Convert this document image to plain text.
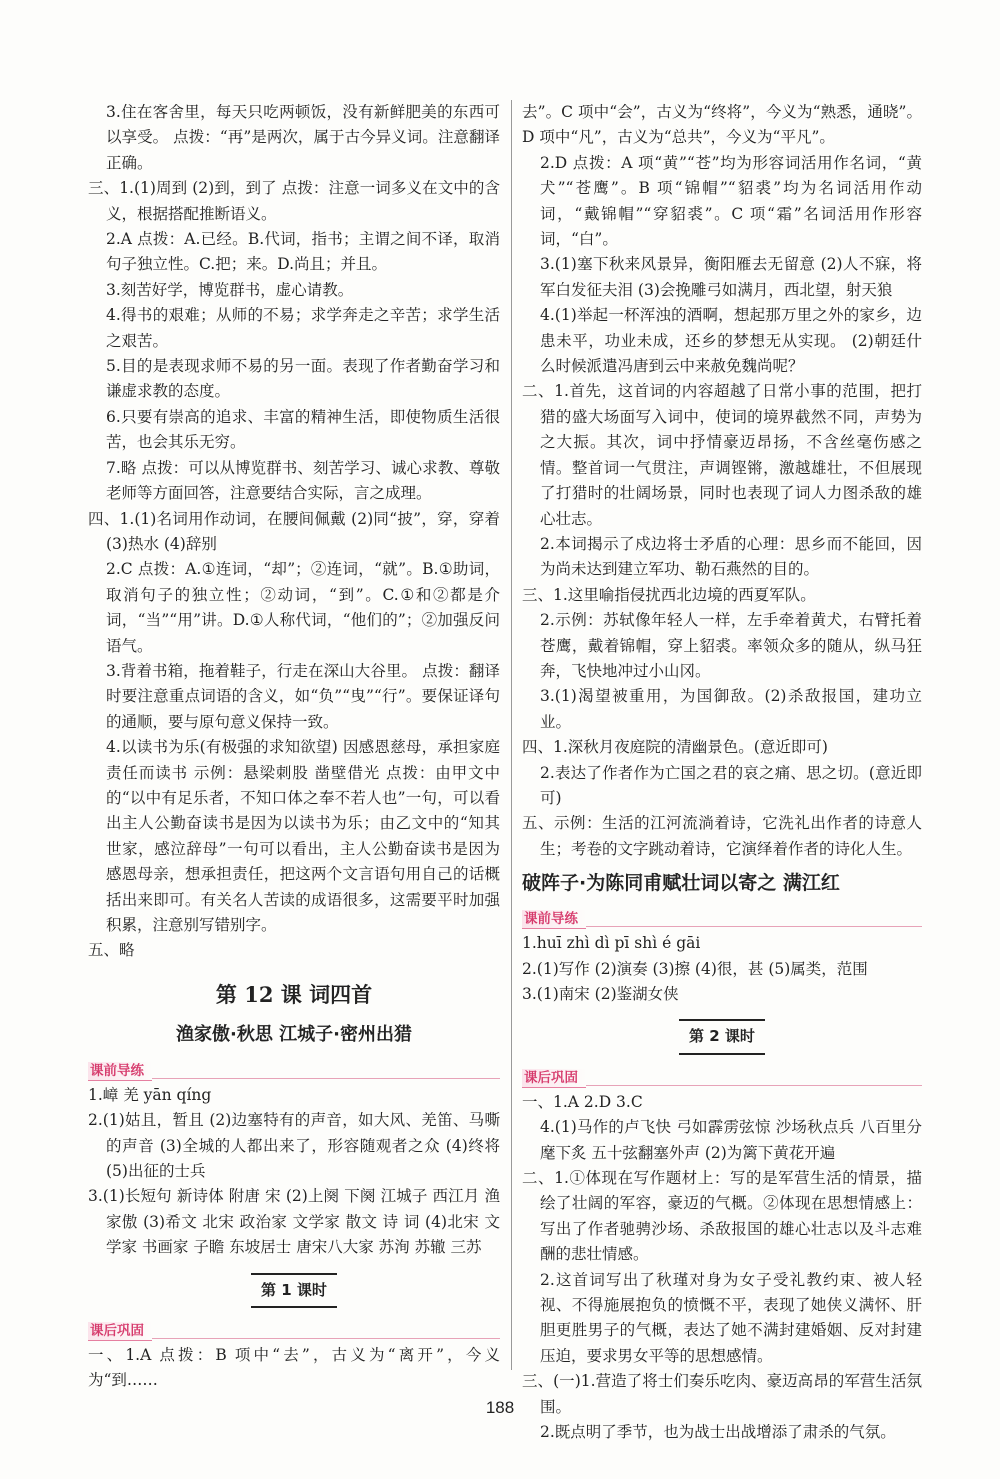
3.住在客舍里，每天只吃两顿饭，没有新鲜肥美的东西可以享受。 点拨：“再”是两次，属于古今异义词。注意翻译正确。

三、1.(1)周到 (2)到，到了 点拨：注意一词多义在文中的含义，根据搭配推断语义。

2.A 点拨：A.已经。B.代词，指书；主谓之间不译，取消句子独立性。C.把；来。D.尚且；并且。

3.刻苦好学，博览群书，虚心请教。

4.得书的艰难；从师的不易；求学奔走之辛苦；求学生活之艰苦。

5.目的是表现求师不易的另一面。表现了作者勤奋学习和谦虚求教的态度。

6.只要有崇高的追求、丰富的精神生活，即使物质生活很苦，也会其乐无穷。

7.略 点拨：可以从博览群书、刻苦学习、诚心求教、尊敬老师等方面回答，注意要结合实际，言之成理。

四、1.(1)名词用作动词，在腰间佩戴 (2)同“披”，穿，穿着 (3)热水 (4)辞别

2.C 点拨：A.①连词，“却”；②连词，“就”。B.①助词，取消句子的独立性；②动词，“到”。C.①和②都是介词，“当”“用”讲。D.①人称代词，“他们的”；②加强反问语气。

3.背着书箱，拖着鞋子，行走在深山大谷里。 点拨：翻译时要注意重点词语的含义，如“负”“曳”“行”。要保证译句的通顺，要与原句意义保持一致。

4.以读书为乐(有极强的求知欲望) 因感恩慈母，承担家庭责任而读书 示例：悬梁刺股 凿壁借光 点拨：由甲文中的“以中有足乐者，不知口体之奉不若人也”一句，可以看出主人公勤奋读书是因为以读书为乐；由乙文中的“知其世家，感泣辞母”一句可以看出，主人公勤奋读书是因为感恩母亲，想承担责任，把这两个文言语句用自己的话概括出来即可。有关名人苦读的成语很多，这需要平时加强积累，注意别写错别字。

五、略

第 12 课 词四首
渔家傲·秋思 江城子·密州出猎
课前导练

1.嶂 羌 yān qíng

2.(1)姑且，暂且 (2)边塞特有的声音，如大风、羌笛、马嘶的声音 (3)全城的人都出来了，形容随观者之众 (4)终将 (5)出征的士兵

3.(1)长短句 新诗体 附唐 宋 (2)上阕 下阕 江城子 西江月 渔家傲 (3)希文 北宋 政治家 文学家 散文 诗 词 (4)北宋 文学家 书画家 子瞻 东坡居士 唐宋八大家 苏洵 苏辙 三苏

第 1 课时
课后巩固

一、1.A 点拨：B 项中“去”，古义为“离开”，今义为“到……

去”。C 项中“会”，古义为“终将”，今义为“熟悉，通晓”。D 项中“凡”，古义为“总共”，今义为“平凡”。

2.D 点拨：A 项“黄”“苍”均为形容词活用作名词，“黄犬”“苍鹰”。B 项“锦帽”“貂裘”均为名词活用作动词，“戴锦帽”“穿貂裘”。C 项“霜”名词活用作形容词，“白”。

3.(1)塞下秋来风景异，衡阳雁去无留意 (2)人不寐，将军白发征夫泪 (3)会挽雕弓如满月，西北望，射天狼

4.(1)举起一杯浑浊的酒啊，想起那万里之外的家乡，边患未平，功业未成，还乡的梦想无从实现。 (2)朝廷什么时候派遣冯唐到云中来赦免魏尚呢？

二、1.首先，这首词的内容超越了日常小事的范围，把打猎的盛大场面写入词中，使词的境界截然不同，声势为之大振。其次，词中抒情豪迈昂扬，不含丝毫伤感之情。整首词一气贯注，声调铿锵，激越雄壮，不但展现了打猎时的壮阔场景，同时也表现了词人力图杀敌的雄心壮志。

2.本词揭示了戍边将士矛盾的心理：思乡而不能回，因为尚未达到建立军功、勒石燕然的目的。

三、1.这里喻指侵扰西北边境的西夏军队。

2.示例：苏轼像年轻人一样，左手牵着黄犬，右臂托着苍鹰，戴着锦帽，穿上貂裘。率领众多的随从，纵马狂奔，飞快地冲过小山冈。

3.(1)渴望被重用，为国御敌。(2)杀敌报国，建功立业。

四、1.深秋月夜庭院的清幽景色。(意近即可)

2.表达了作者作为亡国之君的哀之痛、思之切。(意近即可)

五、示例：生活的江河流淌着诗，它洗礼出作者的诗意人生；考卷的文字跳动着诗，它演绎着作者的诗化人生。

破阵子·为陈同甫赋壮词以寄之 满江红
课前导练

1.huī zhì dì pī shì é gāi

2.(1)写作 (2)演奏 (3)擦 (4)很，甚 (5)属类，范围

3.(1)南宋 (2)鉴湖女侠

第 2 课时
课后巩固

一、1.A 2.D 3.C

4.(1)马作的卢飞快 弓如霹雳弦惊 沙场秋点兵 八百里分麾下炙 五十弦翻塞外声 (2)为篱下黄花开遍

二、1.①体现在写作题材上：写的是军营生活的情景，描绘了壮阔的军容，豪迈的气概。②体现在思想情感上：写出了作者驰骋沙场、杀敌报国的雄心壮志以及斗志难酬的悲壮情感。

2.这首词写出了秋瑾对身为女子受礼教约束、被人轻视、不得施展抱负的愤慨不平，表现了她侠义满怀、肝胆更胜男子的气概，表达了她不满封建婚姻、反对封建压迫，要求男女平等的思想感情。

三、(一)1.营造了将士们奏乐吃肉、豪迈高昂的军营生活氛围。

2.既点明了季节，也为战士出战增添了肃杀的气氛。

188
